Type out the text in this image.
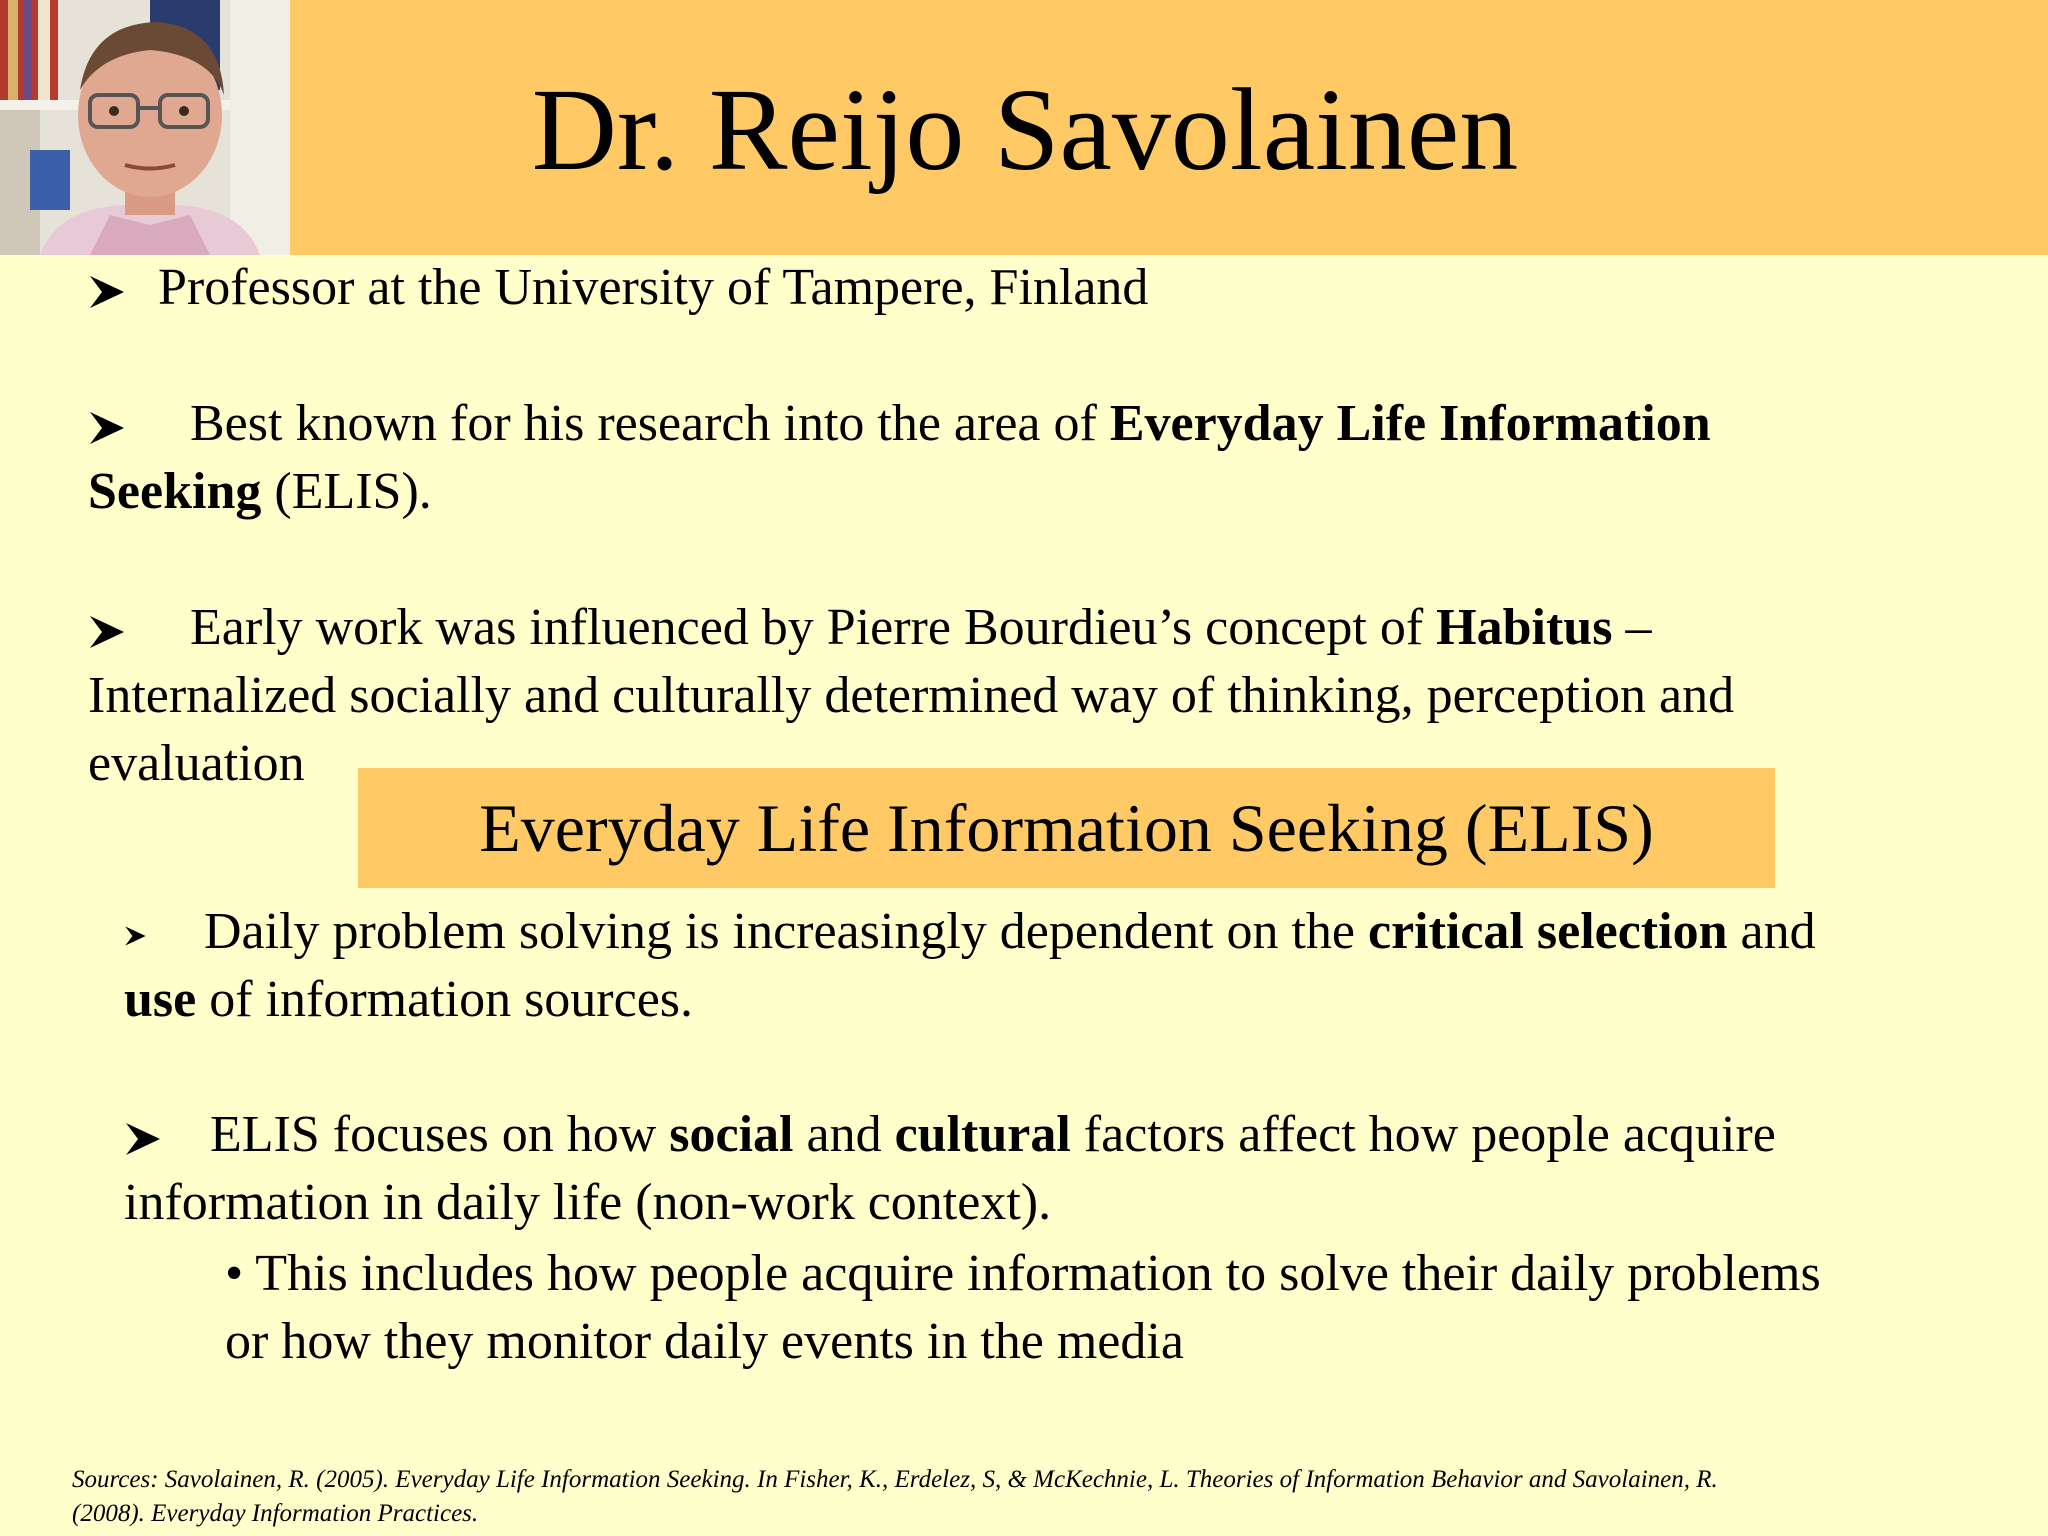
Dr. Reijo Savolainen
Professor at the University of Tampere, Finland
Best known for his research into the area of Everyday Life Information
Seeking (ELIS).
Early work was influenced by Pierre Bourdieu’s concept of Habitus –
Internalized socially and culturally determined way of thinking, perception and
evaluation
Everyday Life Information Seeking (ELIS)
Daily problem solving is increasingly dependent on the critical selection and
use of information sources.
ELIS focuses on how social and cultural factors affect how people acquire
information in daily life (non-work context).
• This includes how people acquire information to solve their daily problems
or how they monitor daily events in the media
Sources: Savolainen, R. (2005). Everyday Life Information Seeking. In Fisher, K., Erdelez, S, & McKechnie, L. Theories of Information Behavior and Savolainen, R.
(2008). Everyday Information Practices.
